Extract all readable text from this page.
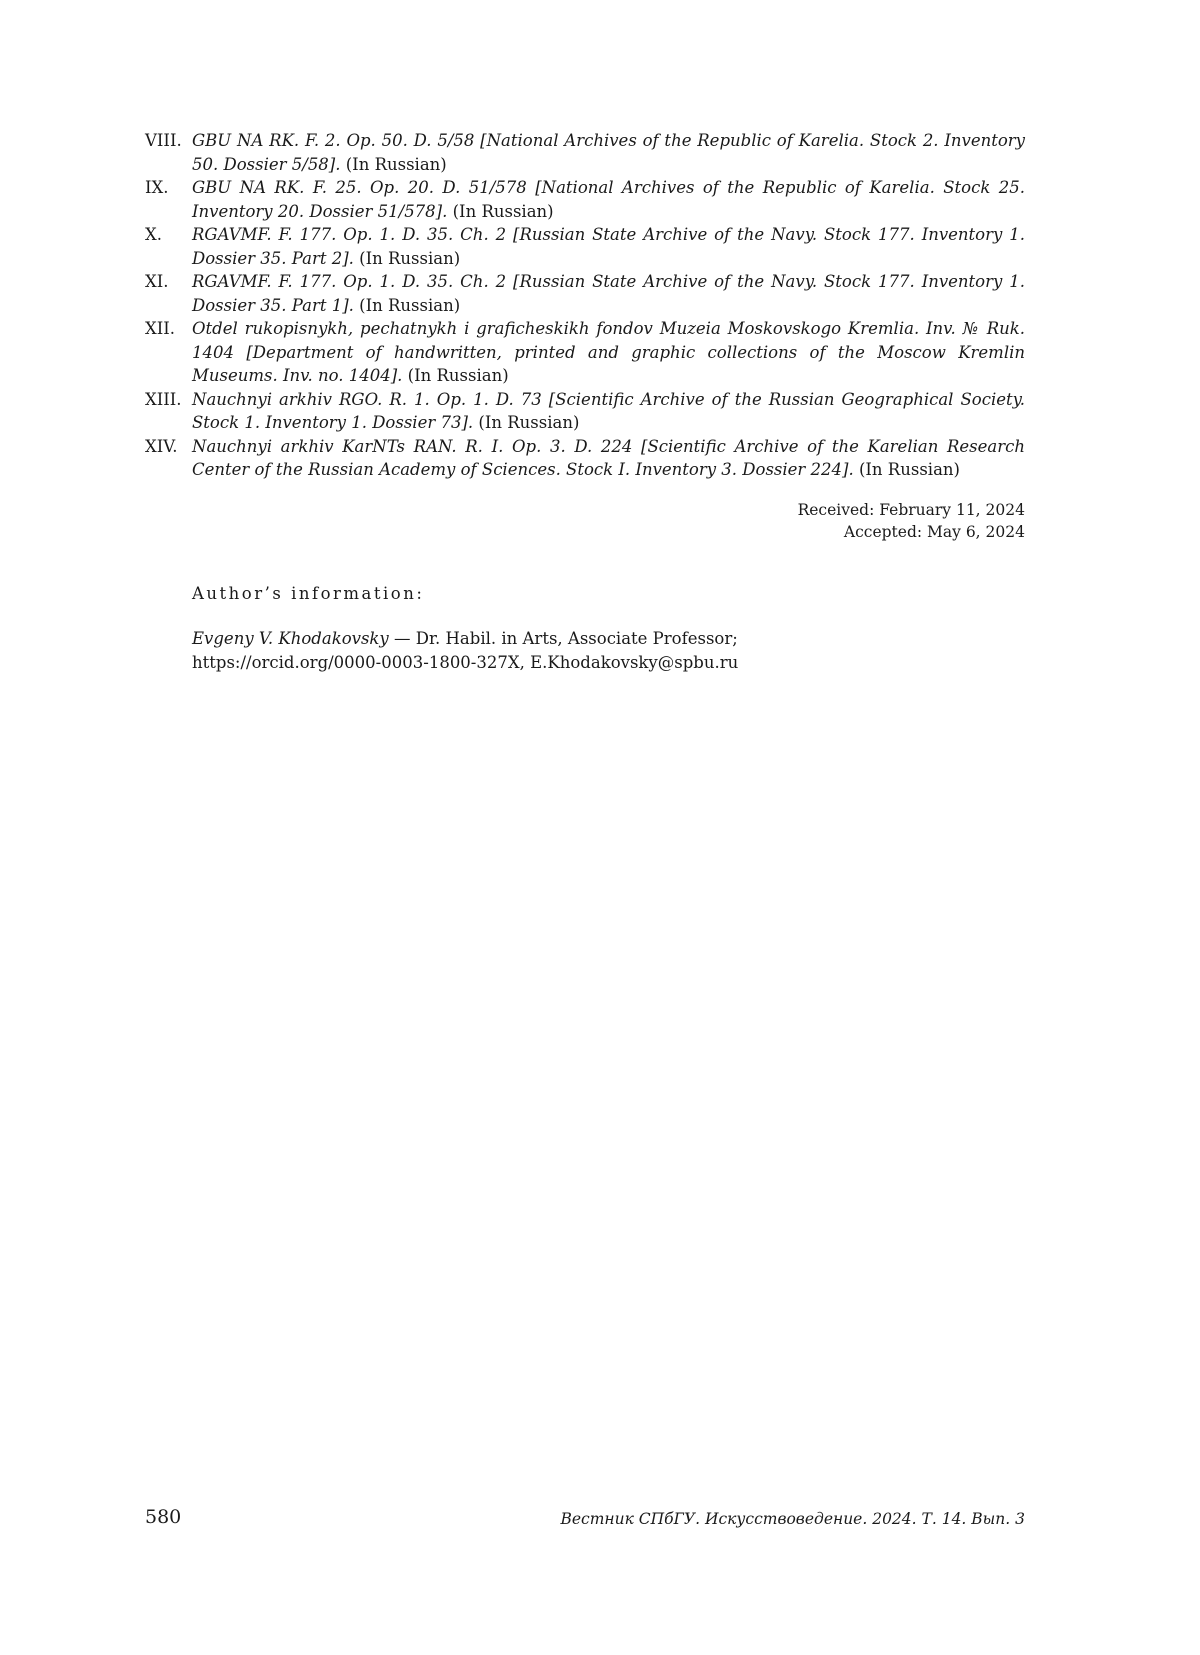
VIII. GBU NA RK. F. 2. Op. 50. D. 5/58 [National Archives of the Republic of Karelia. Stock 2. Inventory 50. Dossier 5/58]. (In Russian)
IX. GBU NA RK. F. 25. Op. 20. D. 51/578 [National Archives of the Republic of Karelia. Stock 25. Inventory 20. Dossier 51/578]. (In Russian)
X. RGAVMF. F. 177. Op. 1. D. 35. Ch. 2 [Russian State Archive of the Navy. Stock 177. Inventory 1. Dossier 35. Part 2]. (In Russian)
XI. RGAVMF. F. 177. Op. 1. D. 35. Ch. 2 [Russian State Archive of the Navy. Stock 177. Inventory 1. Dossier 35. Part 1]. (In Russian)
XII. Otdel rukopisnykh, pechatnykh i graficheskikh fondov Muzeia Moskovskogo Kremlia. Inv. № Ruk. 1404 [Department of handwritten, printed and graphic collections of the Moscow Kremlin Museums. Inv. no. 1404]. (In Russian)
XIII. Nauchnyi arkhiv RGO. R. 1. Op. 1. D. 73 [Scientific Archive of the Russian Geographical Society. Stock 1. Inventory 1. Dossier 73]. (In Russian)
XIV. Nauchnyi arkhiv KarNTs RAN. R. I. Op. 3. D. 224 [Scientific Archive of the Karelian Research Center of the Russian Academy of Sciences. Stock I. Inventory 3. Dossier 224]. (In Russian)
Received: February 11, 2024
Accepted: May 6, 2024
Author’s information:
Evgeny V. Khodakovsky — Dr. Habil. in Arts, Associate Professor;
https://orcid.org/0000-0003-1800-327X, E.Khodakovsky@spbu.ru
580	Вестник СПбГУ. Искусствоведение. 2024. Т. 14. Вып. 3
